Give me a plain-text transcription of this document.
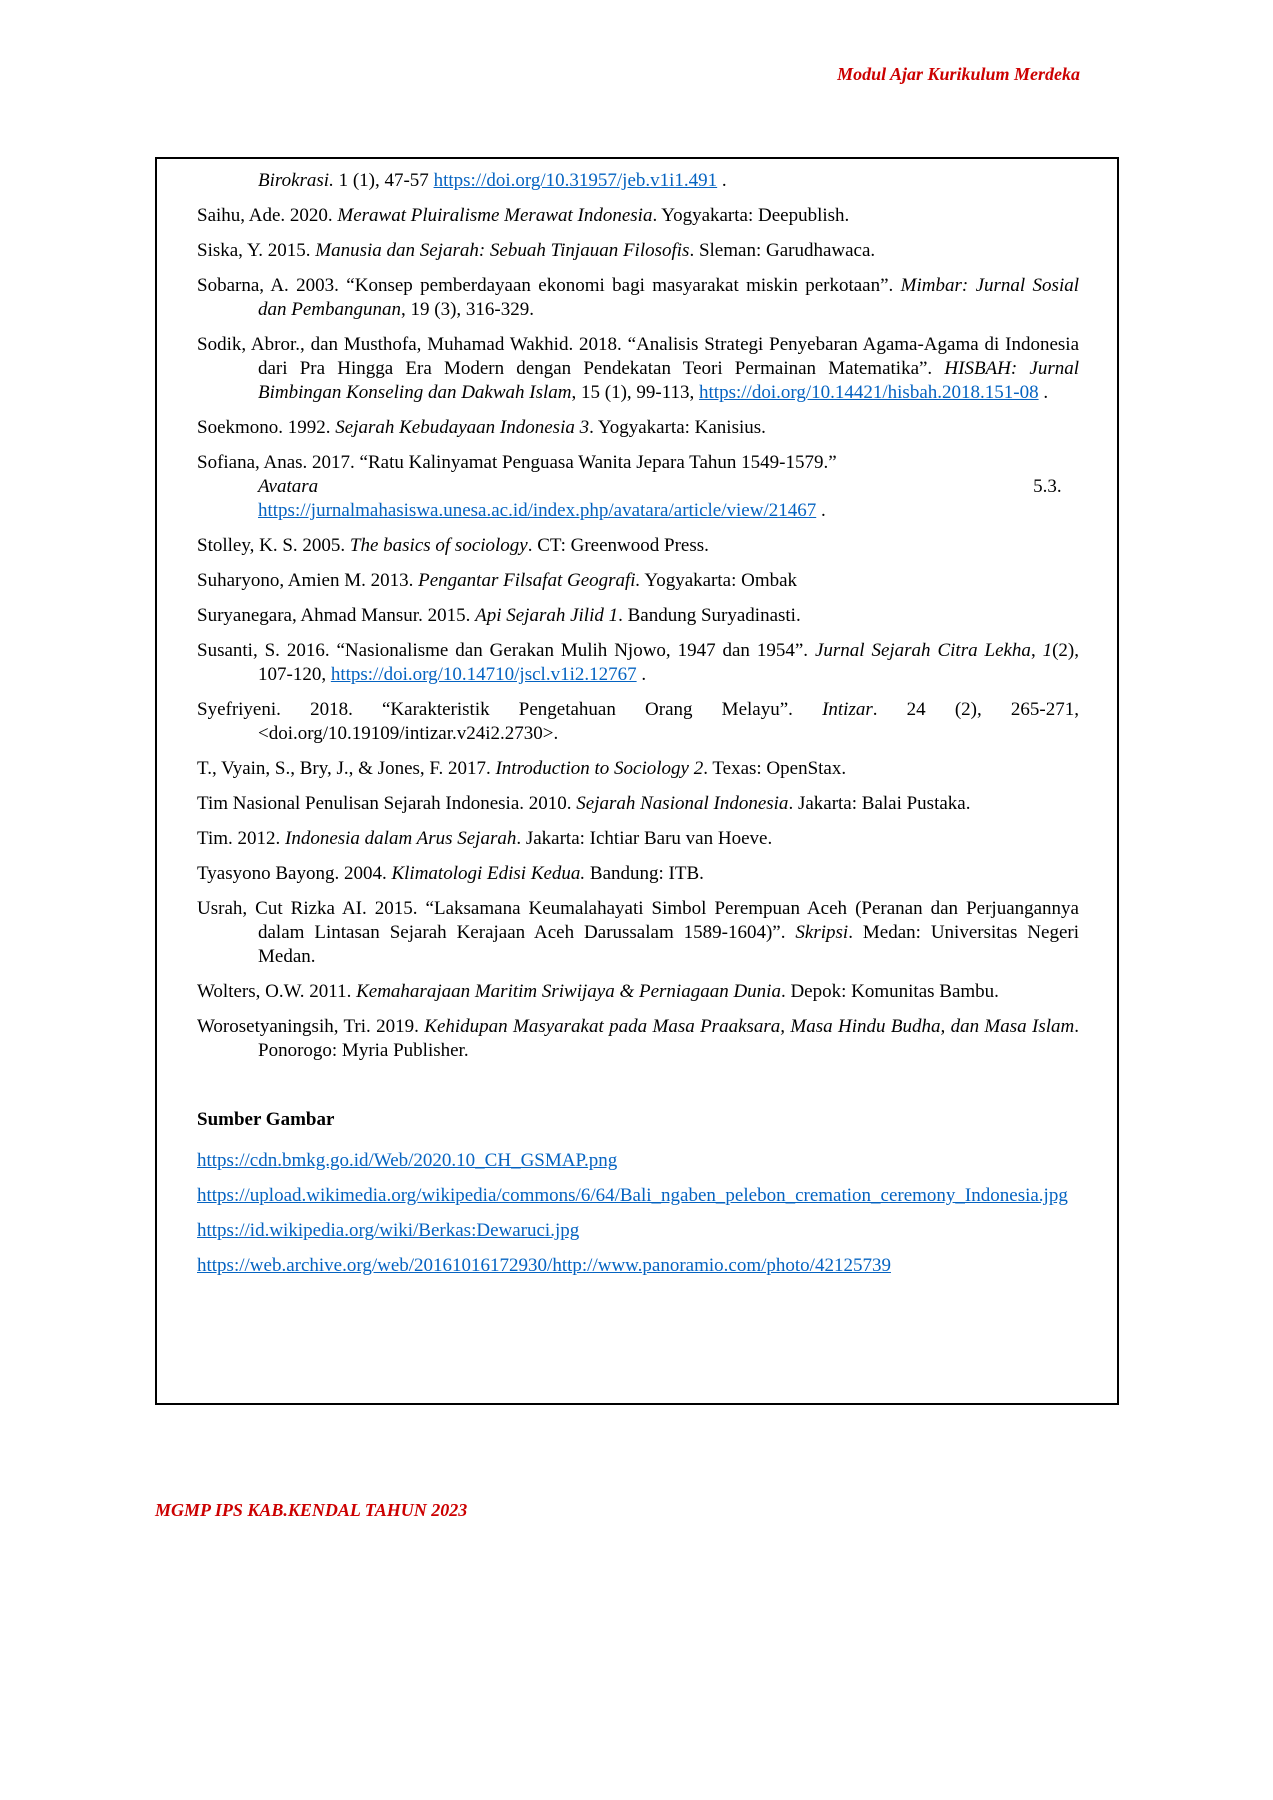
Modul Ajar Kurikulum Merdeka

Birokrasi. 1 (1), 47-57 https://doi.org/10.31957/jeb.v1i1.491 .

Saihu, Ade. 2020. Merawat Pluiralisme Merawat Indonesia. Yogyakarta: Deepublish.

Siska, Y. 2015. Manusia dan Sejarah: Sebuah Tinjauan Filosofis. Sleman: Garudhawaca.

Sobarna, A. 2003. “Konsep pemberdayaan ekonomi bagi masyarakat miskin perkotaan”. Mimbar: Jurnal Sosial dan Pembangunan, 19 (3), 316-329.

Sodik, Abror., dan Musthofa, Muhamad Wakhid. 2018. “Analisis Strategi Penyebaran Agama-Agama di Indonesia dari Pra Hingga Era Modern dengan Pendekatan Teori Permainan Matematika”. HISBAH: Jurnal Bimbingan Konseling dan Dakwah Islam, 15 (1), 99-113, https://doi.org/10.14421/hisbah.2018.151-08 .

Soekmono. 1992. Sejarah Kebudayaan Indonesia 3. Yogyakarta: Kanisius.

Sofiana, Anas. 2017. “Ratu Kalinyamat Penguasa Wanita Jepara Tahun 1549-1579.”
Avatara	5.3.
https://jurnalmahasiswa.unesa.ac.id/index.php/avatara/article/view/21467 .

Stolley, K. S. 2005. The basics of sociology. CT: Greenwood Press.

Suharyono, Amien M. 2013. Pengantar Filsafat Geografi. Yogyakarta: Ombak

Suryanegara, Ahmad Mansur. 2015. Api Sejarah Jilid 1. Bandung Suryadinasti.

Susanti, S. 2016. “Nasionalisme dan Gerakan Mulih Njowo, 1947 dan 1954”. Jurnal Sejarah Citra Lekha, 1(2), 107-120, https://doi.org/10.14710/jscl.v1i2.12767 .

Syefriyeni. 2018. “Karakteristik Pengetahuan Orang Melayu”. Intizar. 24 (2), 265-271,<doi.org/10.19109/intizar.v24i2.2730>.

T., Vyain, S., Bry, J., & Jones, F. 2017. Introduction to Sociology 2. Texas: OpenStax.

Tim Nasional Penulisan Sejarah Indonesia. 2010. Sejarah Nasional Indonesia. Jakarta: Balai Pustaka.

Tim. 2012. Indonesia dalam Arus Sejarah. Jakarta: Ichtiar Baru van Hoeve.

Tyasyono Bayong. 2004. Klimatologi Edisi Kedua. Bandung: ITB.

Usrah, Cut Rizka AI. 2015. “Laksamana Keumalahayati Simbol Perempuan Aceh (Peranan dan Perjuangannya dalam Lintasan Sejarah Kerajaan Aceh Darussalam 1589-1604)”. Skripsi. Medan: Universitas Negeri Medan.

Wolters, O.W. 2011. Kemaharajaan Maritim Sriwijaya & Perniagaan Dunia. Depok: Komunitas Bambu.

Worosetyaningsih, Tri. 2019. Kehidupan Masyarakat pada Masa Praaksara, Masa Hindu Budha, dan Masa Islam. Ponorogo: Myria Publisher.

Sumber Gambar

https://cdn.bmkg.go.id/Web/2020.10_CH_GSMAP.png

https://upload.wikimedia.org/wikipedia/commons/6/64/Bali_ngaben_pelebon_cremation_ceremony_Indonesia.jpg

https://id.wikipedia.org/wiki/Berkas:Dewaruci.jpg

https://web.archive.org/web/20161016172930/http://www.panoramio.com/photo/42125739

MGMP IPS KAB.KENDAL TAHUN 2023
